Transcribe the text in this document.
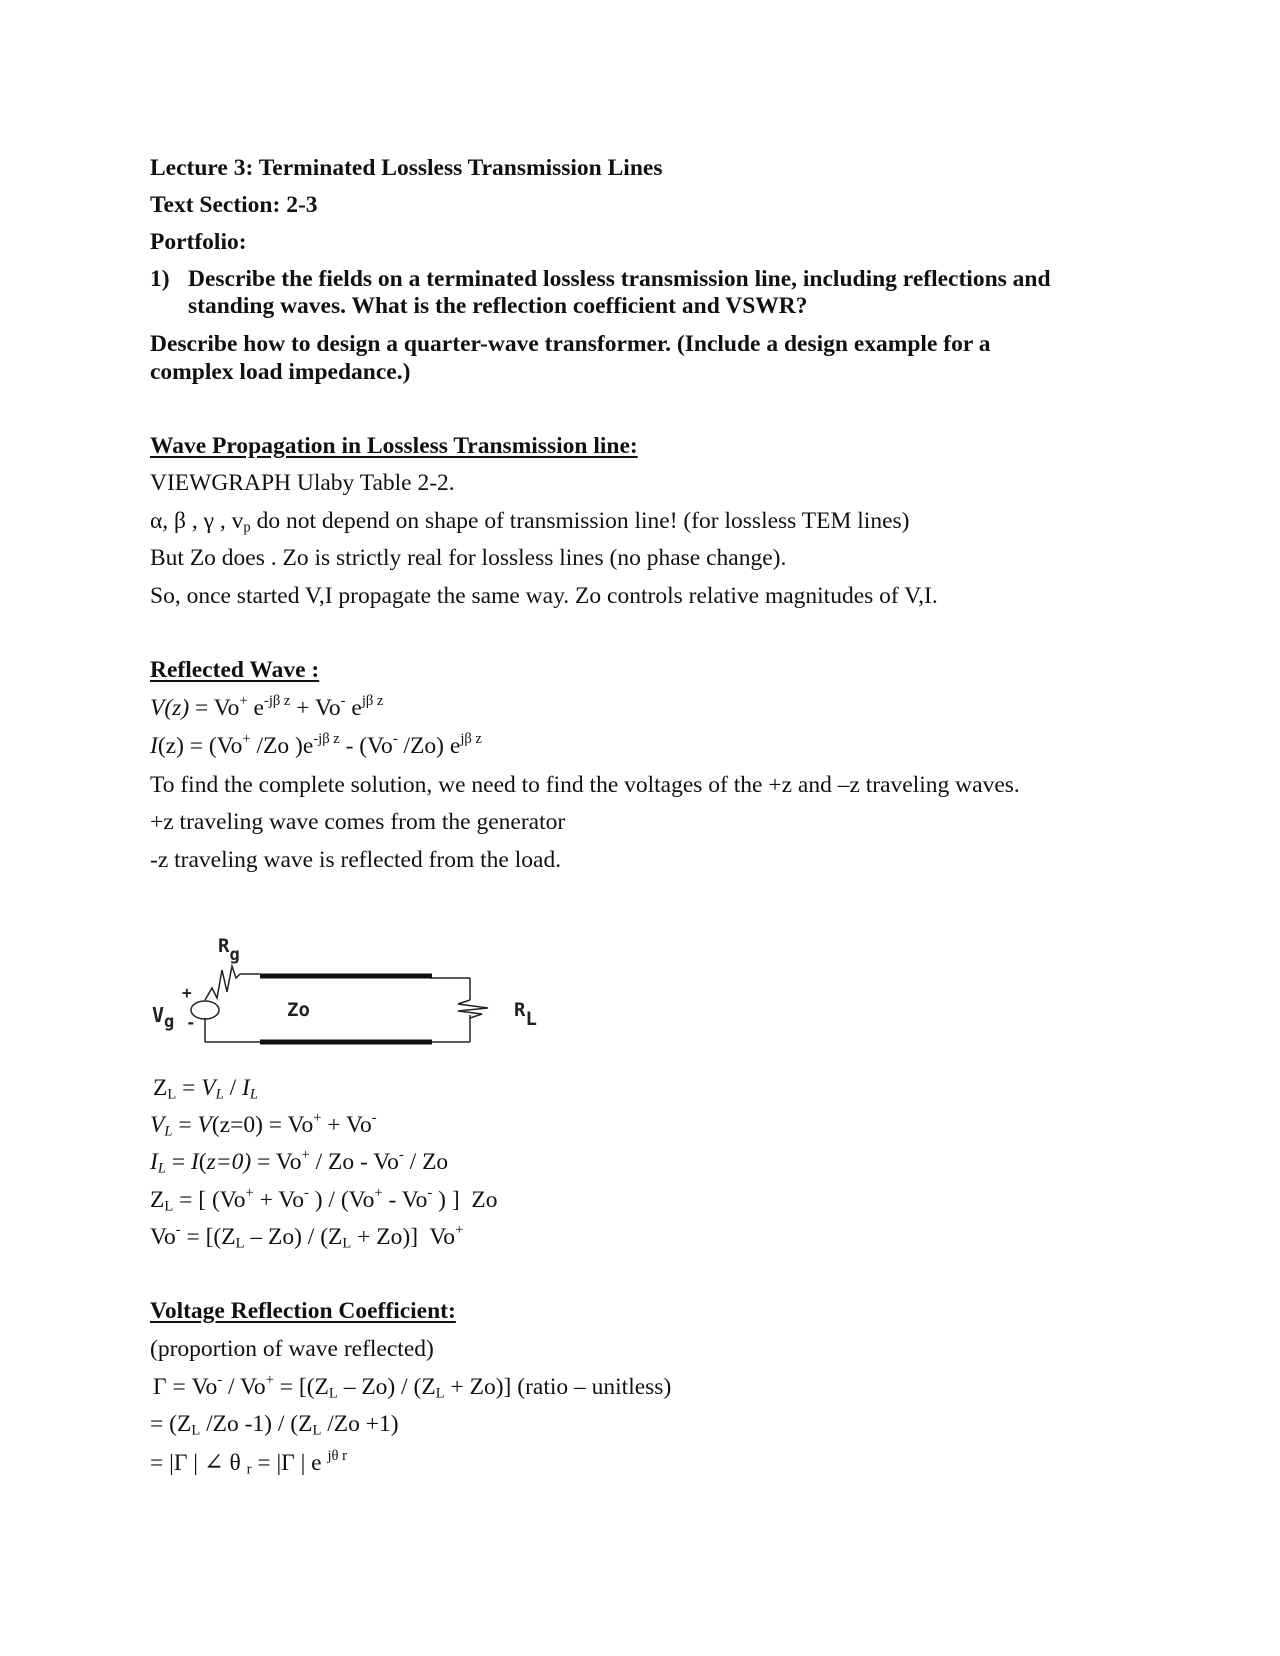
Lecture 3: Terminated Lossless Transmission Lines
Text Section: 2-3
Portfolio:
1) Describe the fields on a terminated lossless transmission line, including reflections and
standing waves. What is the reflection coefficient and VSWR?
Describe how to design a quarter-wave transformer. (Include a design example for a
complex load impedance.)
Wave Propagation in Lossless Transmission line:
VIEWGRAPH Ulaby Table 2-2.
α, β , γ , $v_p$ do not depend on shape of transmission line! (for lossless TEM lines)
But Zo does . Zo is strictly real for lossless lines (no phase change).
So, once started V,I propagate the same way. Zo controls relative magnitudes of V,I.
Reflected Wave :
V(z) = Vo+ $e^{-j\beta z} + Vo^-$ $e^{j\beta z}$
I(z) = (Vo+ /Zo )$e^{-j\beta z} - (Vo^-$ /Zo) $e^{j\beta z}$
To find the complete solution, we need to find the voltages of the +z and –z traveling waves.
+z traveling wave comes from the generator
-z traveling wave is reflected from the load.
Rg
$V_g$
+
-
Zo	RL
$Z_L = V_L / I_L$
$V_L = V(z=0) = Vo^+ + Vo^-$
$I_L = I(z=0) = Vo^+ / Zo - Vo^- / Zo$
$Z_L$ = [ (Vo+ + Vo- ) / (Vo+ - Vo- ) ]  Zo
$Vo^- = [(Z_L - Zo) / (Z_L + Zo)]$  Vo+
Voltage Reflection Coefficient:
(proportion of wave reflected)
$\Gamma = Vo^- / Vo^+ = [(Z_L - Zo) / (Z_L + Zo)]$ (ratio – unitless)
= ($Z_L$ /Zo $-1) / (Z_L$ /Zo +1)
= |Γ | ∠ θ $_r$ = |Γ | e $^{j\theta r}$
